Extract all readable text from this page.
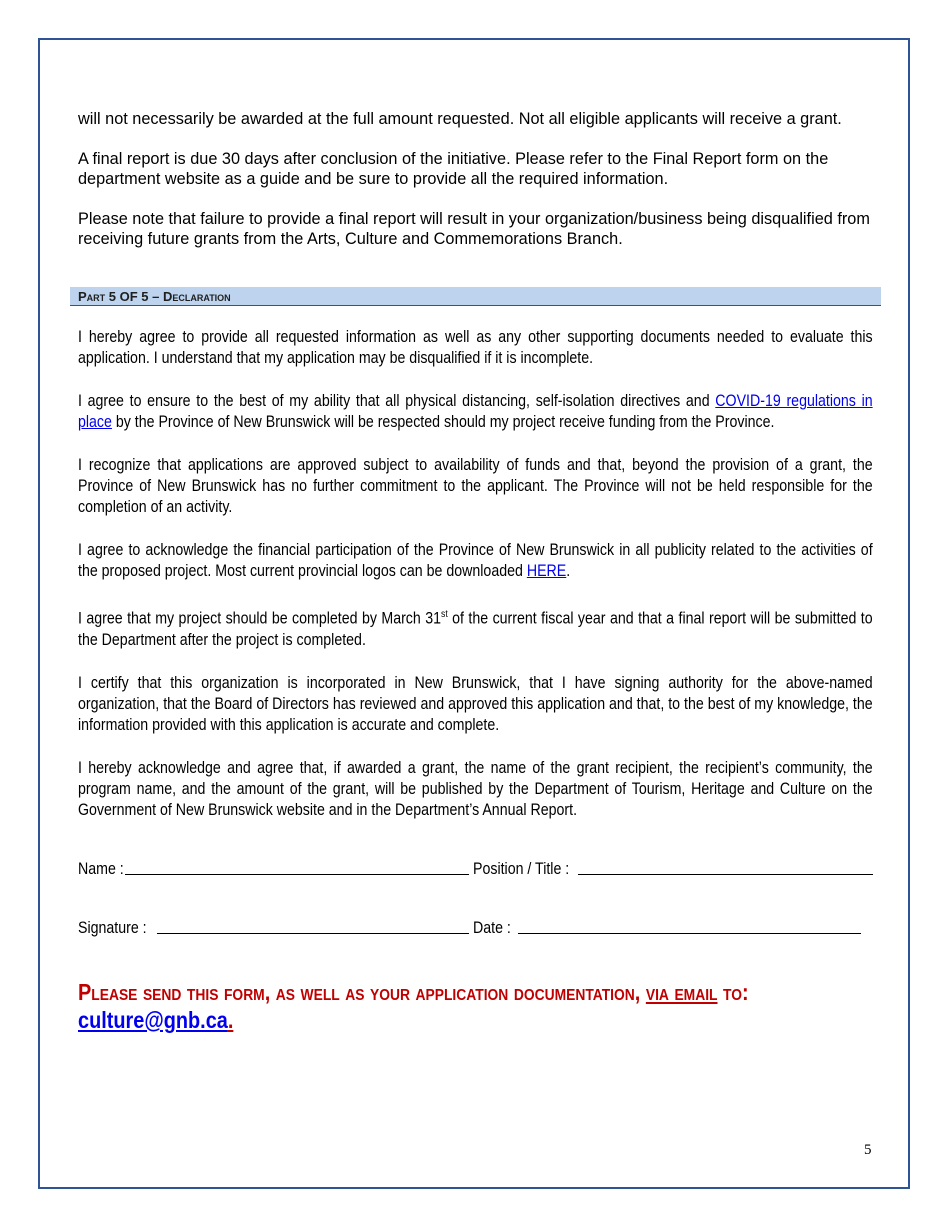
will not necessarily be awarded at the full amount requested. Not all eligible applicants will receive a grant.

A final report is due 30 days after conclusion of the initiative. Please refer to the Final Report form on the department website as a guide and be sure to provide all the required information.

Please note that failure to provide a final report will result in your organization/business being disqualified from receiving future grants from the Arts, Culture and Commemorations Branch.

Part 5 OF 5 – Declaration

I hereby agree to provide all requested information as well as any other supporting documents needed to evaluate this application. I understand that my application may be disqualified if it is incomplete.

I agree to ensure to the best of my ability that all physical distancing, self-isolation directives and COVID-19 regulations in place by the Province of New Brunswick will be respected should my project receive funding from the Province.

I recognize that applications are approved subject to availability of funds and that, beyond the provision of a grant, the Province of New Brunswick has no further commitment to the applicant. The Province will not be held responsible for the completion of an activity.

I agree to acknowledge the financial participation of the Province of New Brunswick in all publicity related to the activities of the proposed project. Most current provincial logos can be downloaded HERE.

I agree that my project should be completed by March 31st of the current fiscal year and that a final report will be submitted to the Department after the project is completed.

I certify that this organization is incorporated in New Brunswick, that I have signing authority for the above-named organization, that the Board of Directors has reviewed and approved this application and that, to the best of my knowledge, the information provided with this application is accurate and complete.

I hereby acknowledge and agree that, if awarded a grant, the name of the grant recipient, the recipient’s community, the program name, and the amount of the grant, will be published by the Department of Tourism, Heritage and Culture on the Government of New Brunswick website and in the Department’s Annual Report.

Name :	Position / Title :
Signature :	Date :
Please send this form, as well as your application documentation, via email to:
culture@gnb.ca.
5
